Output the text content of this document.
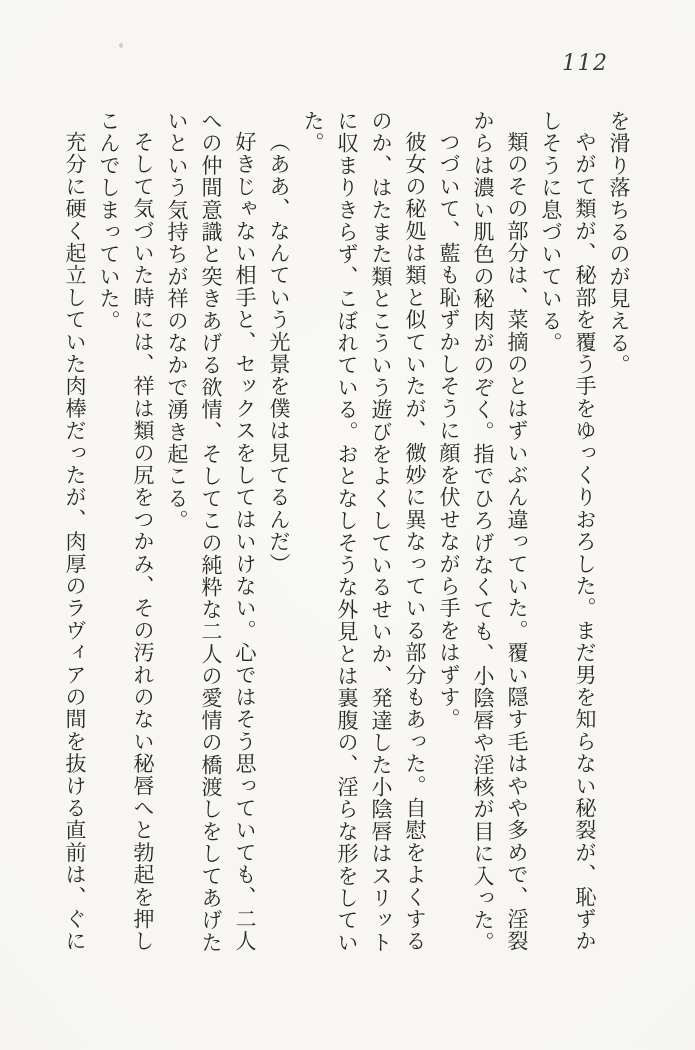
112

を滑り落ちるのが見える。

やがて類が、秘部を覆う手をゆっくりおろした。まだ男を知らない秘裂が、恥ずかしそうに息づいている。

類のその部分は、菜摘のとはずいぶん違っていた。覆い隠す毛はやや多めで、淫裂からは濃い肌色の秘肉がのぞく。指でひろげなくても、小陰唇や淫核が目に入った。

つづいて、藍も恥ずかしそうに顔を伏せながら手をはずす。

彼女の秘処は類と似ていたが、微妙に異なっている部分もあった。自慰をよくするのか、はたまた類とこういう遊びをよくしているせいか、発達した小陰唇はスリットに収まりきらず、こぼれている。おとなしそうな外見とは裏腹の、淫らな形をしていた。

（ああ、なんていう光景を僕は見てるんだ）

好きじゃない相手と、セックスをしてはいけない。心ではそう思っていても、二人への仲間意識と突きあげる欲情、そしてこの純粋な二人の愛情の橋渡しをしてあげたいという気持ちが祥のなかで湧き起こる。

そして気づいた時には、祥は類の尻をつかみ、その汚れのない秘唇へと勃起を押しこんでしまっていた。

充分に硬く起立していた肉棒だったが、肉厚のラヴィアの間を抜ける直前は、ぐに
